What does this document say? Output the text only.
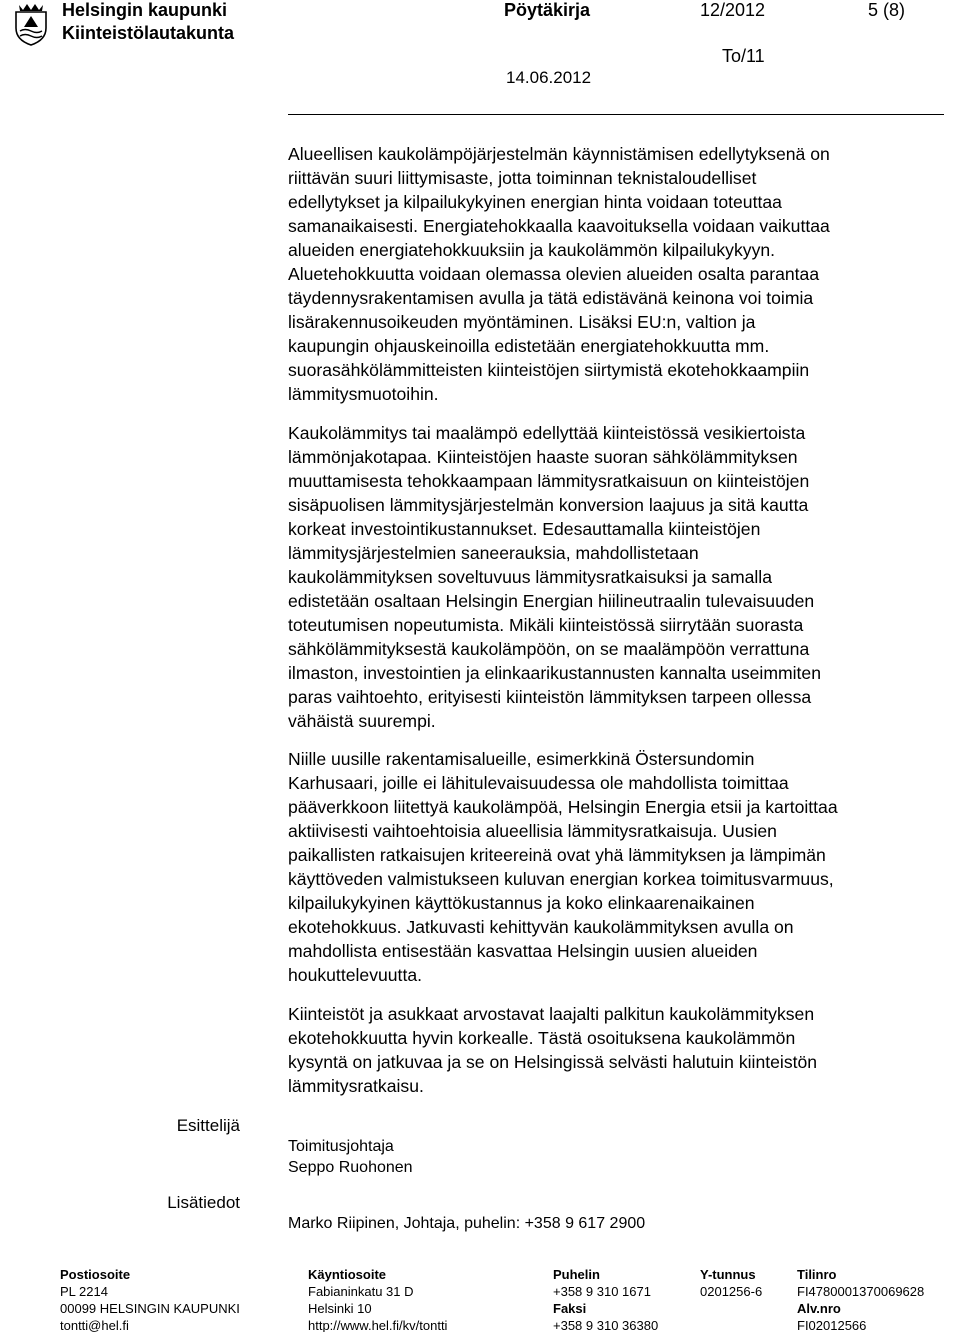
Helsingin kaupunki
Kiinteistölautakunta
Pöytäkirja	12/2012	5 (8)
To/11
14.06.2012

Alueellisen kaukolämpöjärjestelmän käynnistämisen edellytyksenä on
riittävän suuri liittymisaste, jotta toiminnan teknistaloudelliset
edellytykset ja kilpailukykyinen energian hinta voidaan toteuttaa
samanaikaisesti. Energiatehokkaalla kaavoituksella voidaan vaikuttaa
alueiden energiatehokkuuksiin ja kaukolämmön kilpailukykyyn.
Aluetehokkuutta voidaan olemassa olevien alueiden osalta parantaa
täydennysrakentamisen avulla ja tätä edistävänä keinona voi toimia
lisärakennusoikeuden myöntäminen. Lisäksi EU:n, valtion ja
kaupungin ohjauskeinoilla edistetään energiatehokkuutta mm.
suorasähkölämmitteisten kiinteistöjen siirtymistä ekotehokkaampiin
lämmitysmuotoihin.

Kaukolämmitys tai maalämpö edellyttää kiinteistössä vesikiertoista
lämmönjakotapaa. Kiinteistöjen haaste suoran sähkölämmityksen
muuttamisesta tehokkaampaan lämmitysratkaisuun on kiinteistöjen
sisäpuolisen lämmitysjärjestelmän konversion laajuus ja sitä kautta
korkeat investointikustannukset. Edesauttamalla kiinteistöjen
lämmitysjärjestelmien saneerauksia, mahdollistetaan
kaukolämmityksen soveltuvuus lämmitysratkaisuksi ja samalla
edistetään osaltaan Helsingin Energian hiilineutraalin tulevaisuuden
toteutumisen nopeutumista. Mikäli kiinteistössä siirrytään suorasta
sähkölämmityksestä kaukolämpöön, on se maalämpöön verrattuna
ilmaston, investointien ja elinkaarikustannusten kannalta useimmiten
paras vaihtoehto, erityisesti kiinteistön lämmityksen tarpeen ollessa
vähäistä suurempi.

Niille uusille rakentamisalueille, esimerkkinä Östersundomin
Karhusaari, joille ei lähitulevaisuudessa ole mahdollista toimittaa
pääverkkoon liitettyä kaukolämpöä, Helsingin Energia etsii ja kartoittaa
aktiivisesti vaihtoehtoisia alueellisia lämmitysratkaisuja. Uusien
paikallisten ratkaisujen kriteereinä ovat yhä lämmityksen ja lämpimän
käyttöveden valmistukseen kuluvan energian korkea toimitusvarmuus,
kilpailukykyinen käyttökustannus ja koko elinkaarenaikainen
ekotehokkuus. Jatkuvasti kehittyvän kaukolämmityksen avulla on
mahdollista entisestään kasvattaa Helsingin uusien alueiden
houkuttelevuutta.

Kiinteistöt ja asukkaat arvostavat laajalti palkitun kaukolämmityksen
ekotehokkuutta hyvin korkealle. Tästä osoituksena kaukolämmön
kysyntä on jatkuvaa ja se on Helsingissä selvästi halutuin kiinteistön
lämmitysratkaisu.

Esittelijä
Toimitusjohtaja
Seppo Ruohonen
Lisätiedot
Marko Riipinen, Johtaja, puhelin: +358 9 617 2900
Postiosoite
PL 2214
00099 HELSINGIN KAUPUNKI
tontti@hel.fi
Käyntiosoite
Fabianinkatu 31 D
Helsinki 10
http://www.hel.fi/kv/tontti
Puhelin
+358 9 310 1671
Faksi
+358 9 310 36380
Y-tunnus
0201256-6
Tilinro
FI4780001370069628
Alv.nro
FI02012566
